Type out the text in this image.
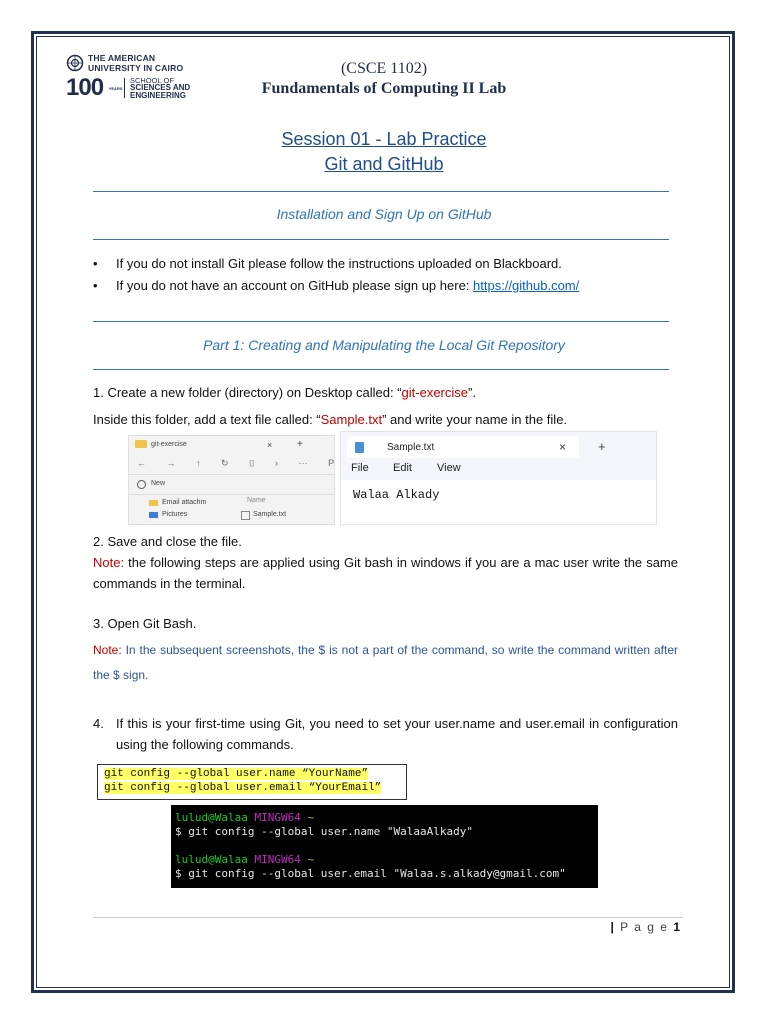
THE AMERICAN
UNIVERSITY IN CAIRO
100 YEARS
SCHOOL OF
SCIENCES AND
ENGINEERING
(CSCE 1102)
Fundamentals of Computing II Lab
Session 01 - Lab Practice
Git and GitHub
Installation and Sign Up on GitHub
• If you do not install Git please follow the instructions uploaded on Blackboard.
• If you do not have an account on GitHub please sign up here: https://github.com/
Part 1: Creating and Manipulating the Local Git Repository
1. Create a new folder (directory) on Desktop called: “git-exercise”.
Inside this folder, add a text file called: “Sample.txt” and write your name in the file.
git-exercise	× +
← → ↑ ↻ ⌷ › ··· P
New
Email attachm
Pictures
Name
Sample.txt
Sample.txt	× +
File Edit View
Walaa Alkady
2. Save and close the file.
Note: the following steps are applied using Git bash in windows if you are a mac user write the same commands in the terminal.
3. Open Git Bash.
Note: In the subsequent screenshots, the $ is not a part of the command, so write the command written after the $ sign.
4. If this is your first-time using Git, you need to set your user.name and user.email in configuration using the following commands.
git config --global user.name “YourName”
git config --global user.email “YourEmail”
lulud@Walaa MINGW64 ~
$ git config --global user.name "WalaaAlkady"
lulud@Walaa MINGW64 ~
$ git config --global user.email "Walaa.s.alkady@gmail.com"
| P a g e 1
